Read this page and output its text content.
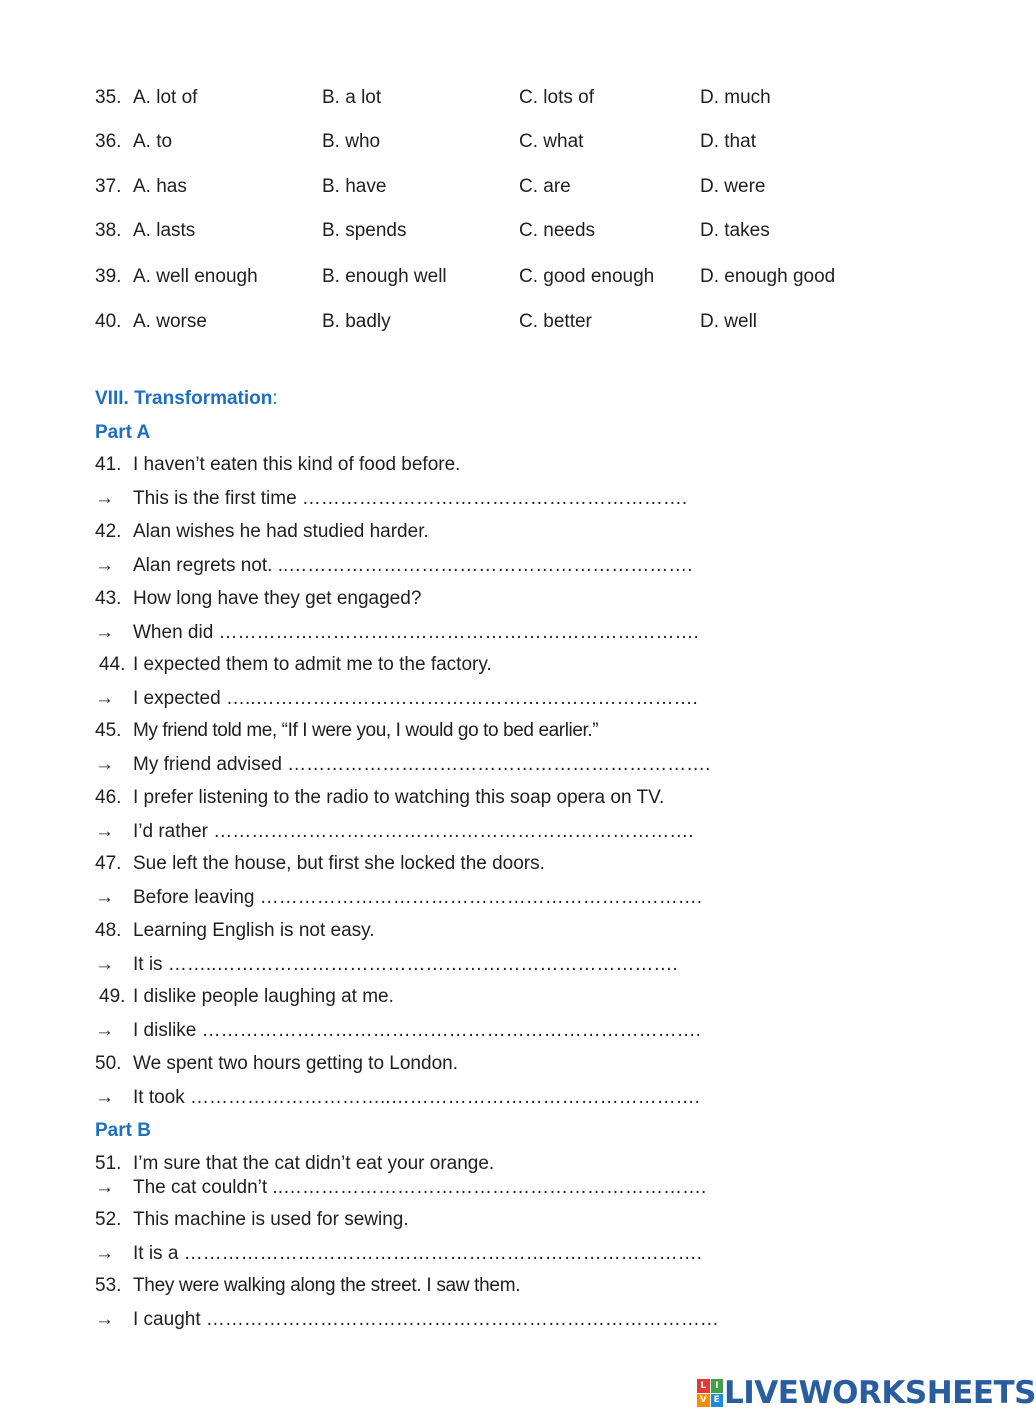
35. A. lot of	B. a lot	C. lots of	D. much
36. A. to	B. who	C. what	D. that
37. A. has	B. have	C. are	D. were
38. A. lasts	B. spends	C. needs	D. takes
39. A. well enough	B. enough well	C. good enough D. enough good
40. A. worse	B. badly	C. better	D. well
VIII. Transformation:
Part A
41. I haven’t eaten this kind of food before.
→ This is the first time …………………………………………………….
42. Alan wishes he had studied harder.
→ Alan regrets not. ..……………………………………………………….
43. How long have they get engaged?
→ When did ………………………………………………………………….
44. I expected them to admit me to the factory.
→ I expected …..…………………………………………………………….
45. My friend told me, “If I were you, I would go to bed earlier.”
→ My friend advised ………………………………………………………….
46. I prefer listening to the radio to watching this soap opera on TV.
→ I’d rather ………………………………………………………………….
47. Sue left the house, but first she locked the doors.
→ Before leaving …………………………………………………………….
48. Learning English is not easy.
→ It is ……..……………………………………………………………….
49. I dislike people laughing at me.
→ I dislike …………………………………………………………………….
50. We spent two hours getting to London.
→ It took …………………………..………………………………………….
Part B
51. I’m sure that the cat didn’t eat your orange.
→ The cat couldn’t ..………………………………………………………….
52. This machine is used for sewing.
→ It is a ……………………………………………………………………….
53. They were walking along the street. I saw them.
→ I caught ………………………………………………………………………
L I
V E LIVEWORKSHEETS
